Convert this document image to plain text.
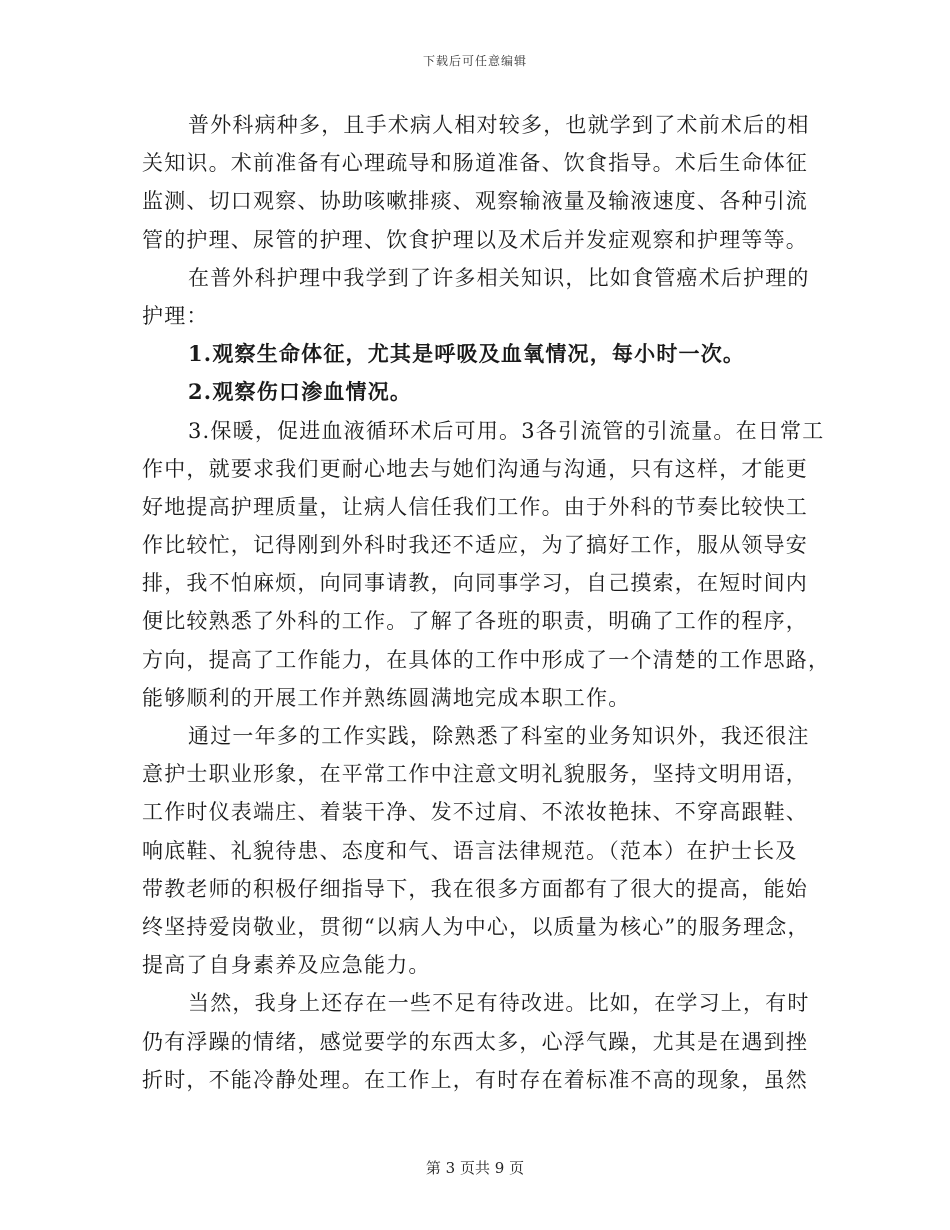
下载后可任意编辑
普外科病种多，且手术病人相对较多，也就学到了术前术后的相
关知识。术前准备有心理疏导和肠道准备、饮食指导。术后生命体征
监测、切口观察、协助咳嗽排痰、观察输液量及输液速度、各种引流
管的护理、尿管的护理、饮食护理以及术后并发症观察和护理等等。
在普外科护理中我学到了许多相关知识，比如食管癌术后护理的
护理：
1.观察生命体征，尤其是呼吸及血氧情况，每小时一次。
2.观察伤口渗血情况。
3.保暖，促进血液循环术后可用。3各引流管的引流量。在日常工
作中，就要求我们更耐心地去与她们沟通与沟通，只有这样，才能更
好地提高护理质量，让病人信任我们工作。由于外科的节奏比较快工
作比较忙，记得刚到外科时我还不适应，为了搞好工作，服从领导安
排，我不怕麻烦，向同事请教，向同事学习，自己摸索，在短时间内
便比较熟悉了外科的工作。了解了各班的职责，明确了工作的程序，
方向，提高了工作能力，在具体的工作中形成了一个清楚的工作思路，
能够顺利的开展工作并熟练圆满地完成本职工作。
通过一年多的工作实践，除熟悉了科室的业务知识外，我还很注
意护士职业形象，在平常工作中注意文明礼貌服务，坚持文明用语，
工作时仪表端庄、着装干净、发不过肩、不浓妆艳抹、不穿高跟鞋、
响底鞋、礼貌待患、态度和气、语言法律规范。（范本）在护士长及
带教老师的积极仔细指导下，我在很多方面都有了很大的提高，能始
终坚持爱岗敬业，贯彻“以病人为中心，以质量为核心”的服务理念，
提高了自身素养及应急能力。
当然，我身上还存在一些不足有待改进。比如，在学习上，有时
仍有浮躁的情绪，感觉要学的东西太多，心浮气躁，尤其是在遇到挫
折时，不能冷静处理。在工作上，有时存在着标准不高的现象，虽然
第 3 页共 9 页
